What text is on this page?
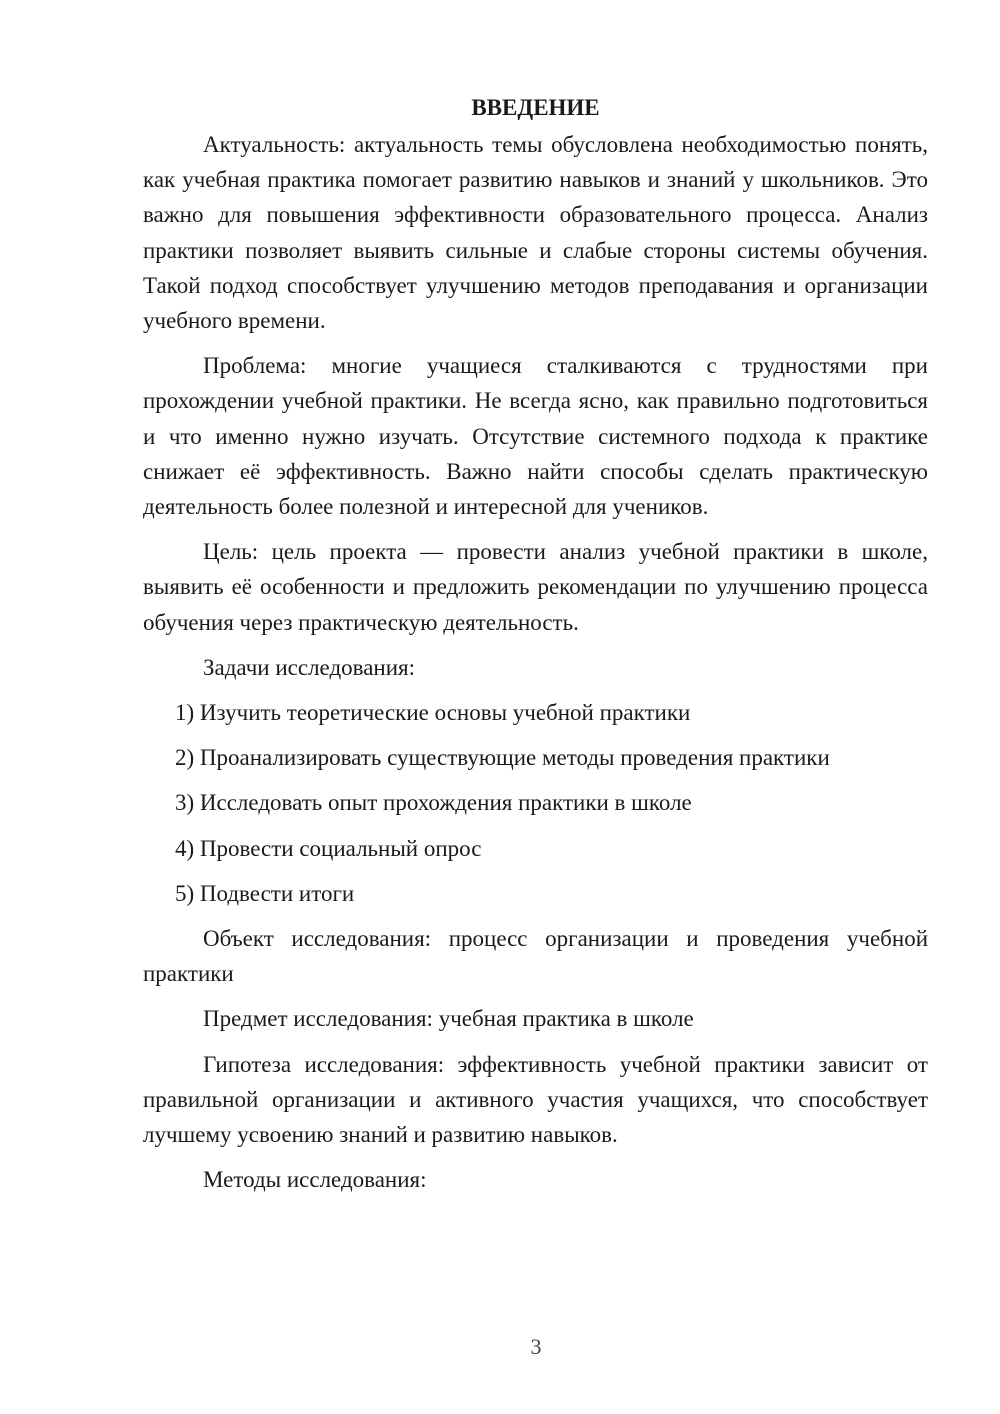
ВВЕДЕНИЕ

Актуальность: актуальность темы обусловлена необходимостью понять, как учебная практика помогает развитию навыков и знаний у школьников. Это важно для повышения эффективности образовательного процесса. Анализ практики позволяет выявить сильные и слабые стороны системы обучения. Такой подход способствует улучшению методов преподавания и организации учебного времени.

Проблема: многие учащиеся сталкиваются с трудностями при прохождении учебной практики. Не всегда ясно, как правильно подготовиться и что именно нужно изучать. Отсутствие системного подхода к практике снижает её эффективность. Важно найти способы сделать практическую деятельность более полезной и интересной для учеников.

Цель: цель проекта — провести анализ учебной практики в школе, выявить её особенности и предложить рекомендации по улучшению процесса обучения через практическую деятельность.

Задачи исследования:

1) Изучить теоретические основы учебной практики
2) Проанализировать существующие методы проведения практики
3) Исследовать опыт прохождения практики в школе
4) Провести социальный опрос
5) Подвести итоги

Объект исследования: процесс организации и проведения учебной практики

Предмет исследования: учебная практика в школе

Гипотеза исследования: эффективность учебной практики зависит от правильной организации и активного участия учащихся, что способствует лучшему усвоению знаний и развитию навыков.

Методы исследования:

3
